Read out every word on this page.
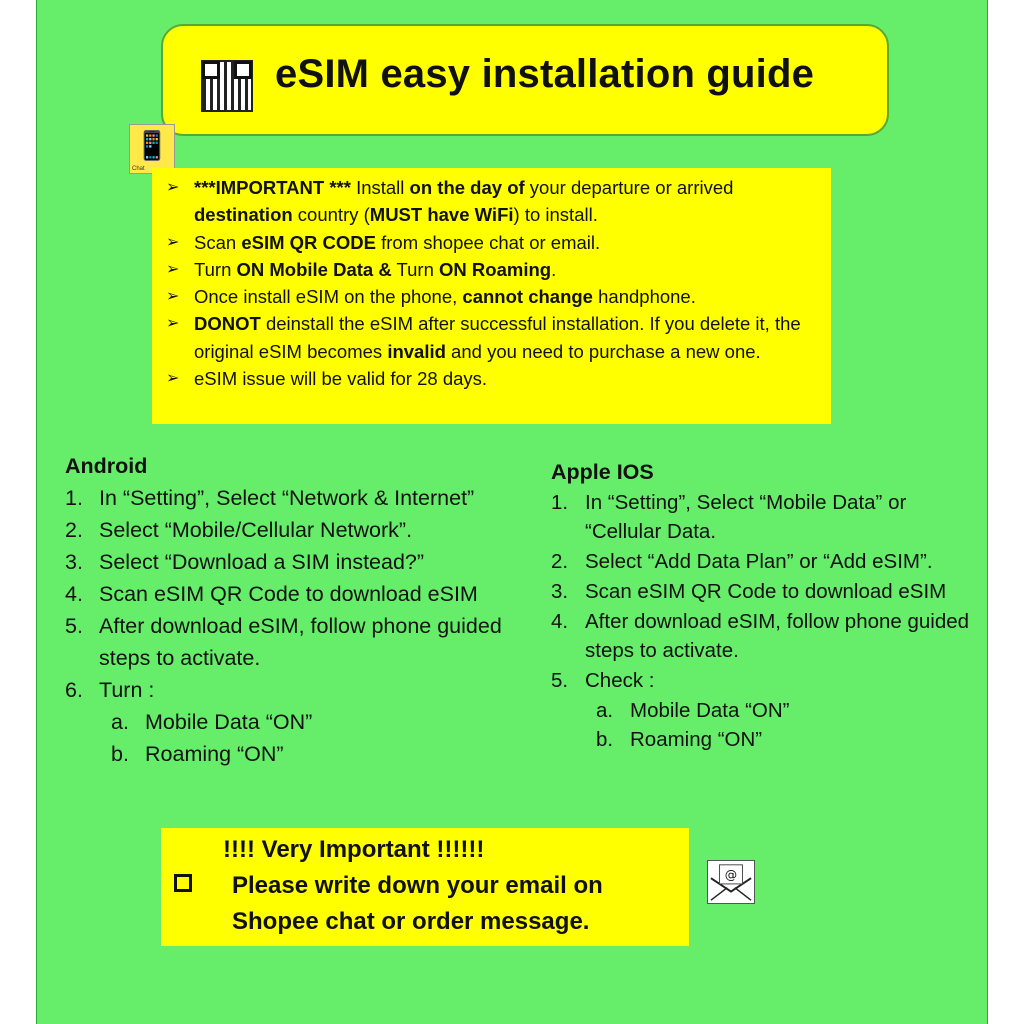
eSIM easy installation guide
📱
Chat
➢ ***IMPORTANT *** Install on the day of your departure or arrived destination country (MUST have WiFi) to install.
➢ Scan eSIM QR CODE from shopee chat or email.
➢ Turn ON Mobile Data & Turn ON Roaming.
➢ Once install eSIM on the phone, cannot change handphone.
➢ DONOT deinstall the eSIM after successful installation. If you delete it, the original eSIM becomes invalid and you need to purchase a new one.
➢ eSIM issue will be valid for 28 days.
Android
1. In “Setting”, Select “Network & Internet”
2. Select “Mobile/Cellular Network”.
3. Select “Download a SIM instead?”
4. Scan eSIM QR Code to download eSIM
5. After download eSIM, follow phone guided steps to activate.
6. Turn :
a. Mobile Data “ON”
b. Roaming “ON”
Apple IOS
1. In “Setting”, Select “Mobile Data” or “Cellular Data.
2. Select “Add Data Plan” or “Add eSIM”.
3. Scan eSIM QR Code to download eSIM
4. After download eSIM, follow phone guided steps to activate.
5. Check :
a. Mobile Data “ON”
b. Roaming “ON”
!!!! Very Important !!!!!!
Please write down your email on
Shopee chat or order message.
@
